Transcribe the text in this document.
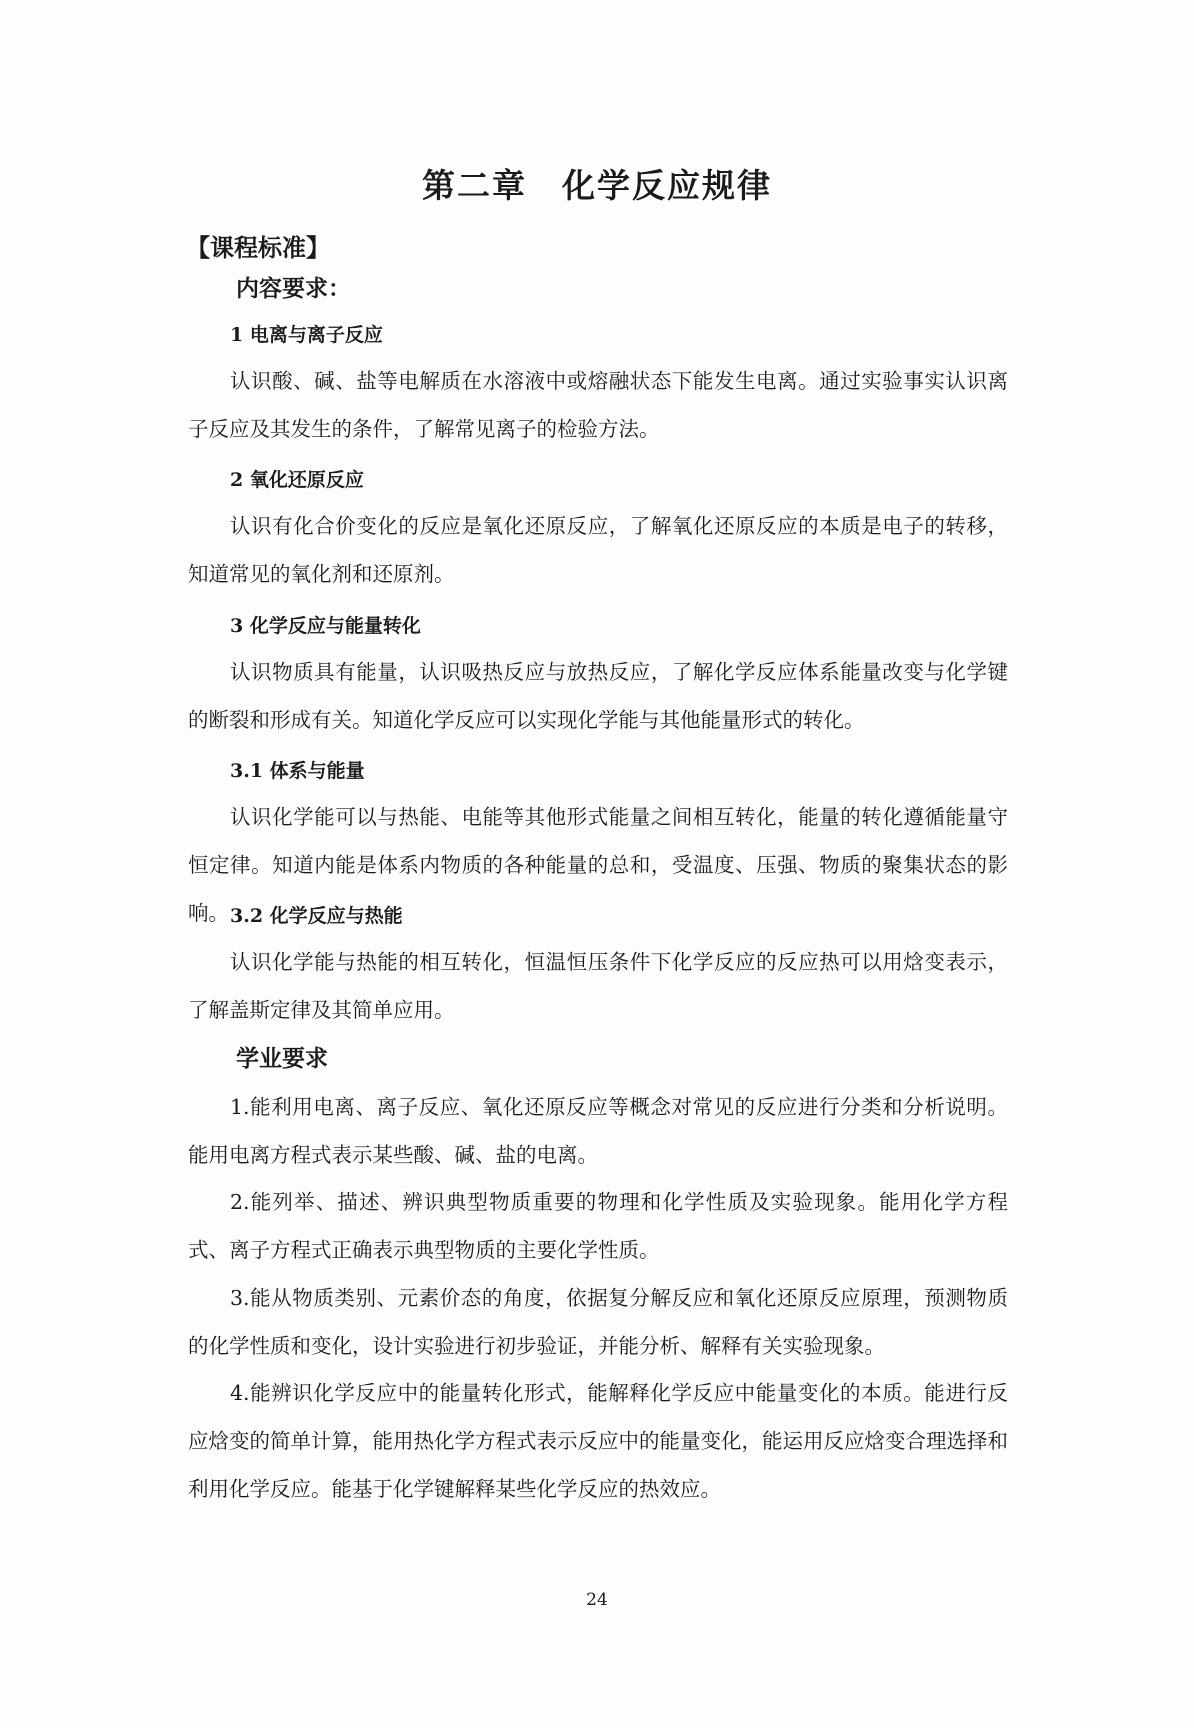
第二章　化学反应规律
【课程标准】
内容要求：
1 电离与离子反应

认识酸、碱、盐等电解质在水溶液中或熔融状态下能发生电离。通过实验事实认识离子反应及其发生的条件，了解常见离子的检验方法。

2 氧化还原反应

认识有化合价变化的反应是氧化还原反应，了解氧化还原反应的本质是电子的转移，知道常见的氧化剂和还原剂。

3 化学反应与能量转化

认识物质具有能量，认识吸热反应与放热反应，了解化学反应体系能量改变与化学键的断裂和形成有关。知道化学反应可以实现化学能与其他能量形式的转化。

3.1 体系与能量

认识化学能可以与热能、电能等其他形式能量之间相互转化，能量的转化遵循能量守恒定律。知道内能是体系内物质的各种能量的总和，受温度、压强、物质的聚集状态的影响。 3.2 化学反应与热能

认识化学能与热能的相互转化，恒温恒压条件下化学反应的反应热可以用焓变表示，了解盖斯定律及其简单应用。

学业要求

1.能利用电离、离子反应、氧化还原反应等概念对常见的反应进行分类和分析说明。能用电离方程式表示某些酸、碱、盐的电离。

2.能列举、描述、辨识典型物质重要的物理和化学性质及实验现象。能用化学方程式、离子方程式正确表示典型物质的主要化学性质。

3.能从物质类别、元素价态的角度，依据复分解反应和氧化还原反应原理，预测物质的化学性质和变化，设计实验进行初步验证，并能分析、解释有关实验现象。

4.能辨识化学反应中的能量转化形式，能解释化学反应中能量变化的本质。能进行反应焓变的简单计算，能用热化学方程式表示反应中的能量变化，能运用反应焓变合理选择和利用化学反应。能基于化学键解释某些化学反应的热效应。

24
